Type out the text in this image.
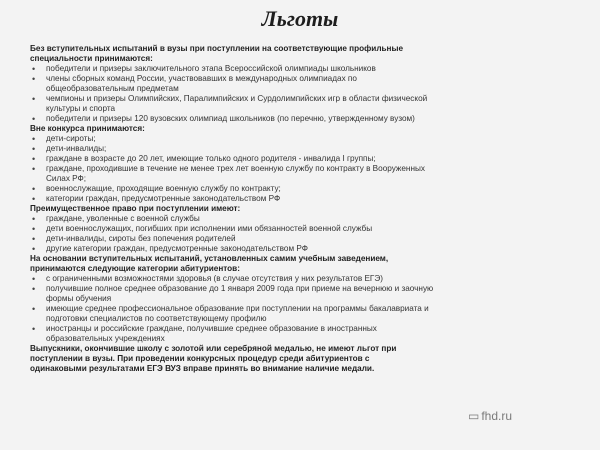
Льготы
Без вступительных испытаний в вузы при поступлении на соответствующие профильные
специальности принимаются:
• победители и призеры заключительного этапа Всероссийской олимпиады школьников
• члены сборных команд России, участвовавших в международных олимпиадах по
общеобразовательным предметам
• чемпионы и призеры Олимпийских, Паралимпийских и Сурдолимпийских игр в области физической
культуры и спорта
• победители и призеры 120 вузовских олимпиад школьников (по перечню, утвержденному вузом)
Вне конкурса принимаются:
• дети-сироты;
• дети-инвалиды;
• граждане в возрасте до 20 лет, имеющие только одного родителя - инвалида I группы;
• граждане, проходившие в течение не менее трех лет военную службу по контракту в Вооруженных
Силах РФ;
• военнослужащие, проходящие военную службу по контракту;
• категории граждан, предусмотренные законодательством РФ
Преимущественное право при поступлении имеют:
• граждане, уволенные с военной службы
• дети военнослужащих, погибших при исполнении ими обязанностей военной службы
• дети-инвалиды, сироты без попечения родителей
• другие категории граждан, предусмотренные законодательством РФ
На основании вступительных испытаний, установленных самим учебным заведением,
принимаются следующие категории абитуриентов:
• с ограниченными возможностями здоровья (в случае отсутствия у них результатов ЕГЭ)
• получившие полное среднее образование до 1 января 2009 года при приеме на вечернюю и заочную
формы обучения
• имеющие среднее профессиональное образование при поступлении на программы бакалавриата и
подготовки специалистов по соответствующему профилю
• иностранцы и российские граждане, получившие среднее образование в иностранных
образовательных учреждениях
Выпускники, окончившие школу с золотой или серебряной медалью, не имеют льгот при
поступлении в вузы. При проведении конкурсных процедур среди абитуриентов с
одинаковыми результатами ЕГЭ ВУЗ вправе принять во внимание наличие медали.
▭ fhd.ru
